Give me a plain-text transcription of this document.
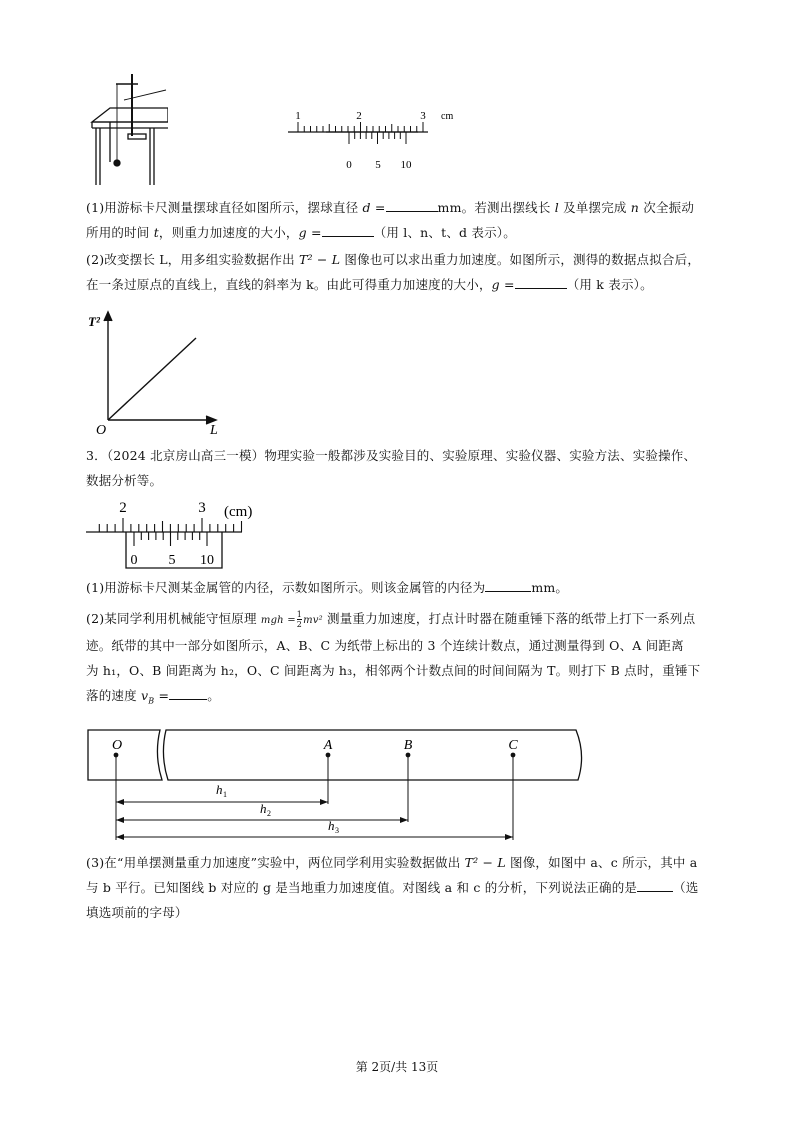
1	2	3 cm
0 5 10
(1)用游标卡尺测量摆球直径如图所示，摆球直径 d =	mm。若测出摆线长 l 及单摆完成 n 次全振动
所用的时间 t，则重力加速度的大小，g =	（用 l、n、t、d 表示）。
(2)改变摆长 L，用多组实验数据作出 T² − L 图像也可以求出重力加速度。如图所示，测得的数据点拟合后，
在一条过原点的直线上，直线的斜率为 k。由此可得重力加速度的大小，g =	（用 k 表示）。
T²
L
O
3．（2024 北京房山高三一模）物理实验一般都涉及实验目的、实验原理、实验仪器、实验方法、实验操作、
数据分析等。
2	3 (cm)
0 5 10
(1)用游标卡尺测某金属管的内径，示数如图所示。则该金属管的内径为	mm。
(2)某同学利用机械能守恒原理 mgh = $\frac{1}{2} mv^2$ 测量重力加速度，打点计时器在随重锤下落的纸带上打下一系列点
迹。纸带的其中一部分如图所示，A、B、C 为纸带上标出的 3 个连续计数点，通过测量得到 O、A 间距离
为 h₁，O、B 间距离为 h₂，O、C 间距离为 h₃，相邻两个计数点间的时间间隔为 T。则打下 B 点时，重锤下
落的速度 $v_B$ =	。
O	A	B	C
h 1
h 2
h 3
(3)在“用单摆测量重力加速度”实验中，两位同学利用实验数据做出 T² − L 图像，如图中 a、c 所示，其中 a
与 b 平行。已知图线 b 对应的 g 是当地重力加速度值。对图线 a 和 c 的分析，下列说法正确的是	（选
填选项前的字母）
第 2页/共 13页
